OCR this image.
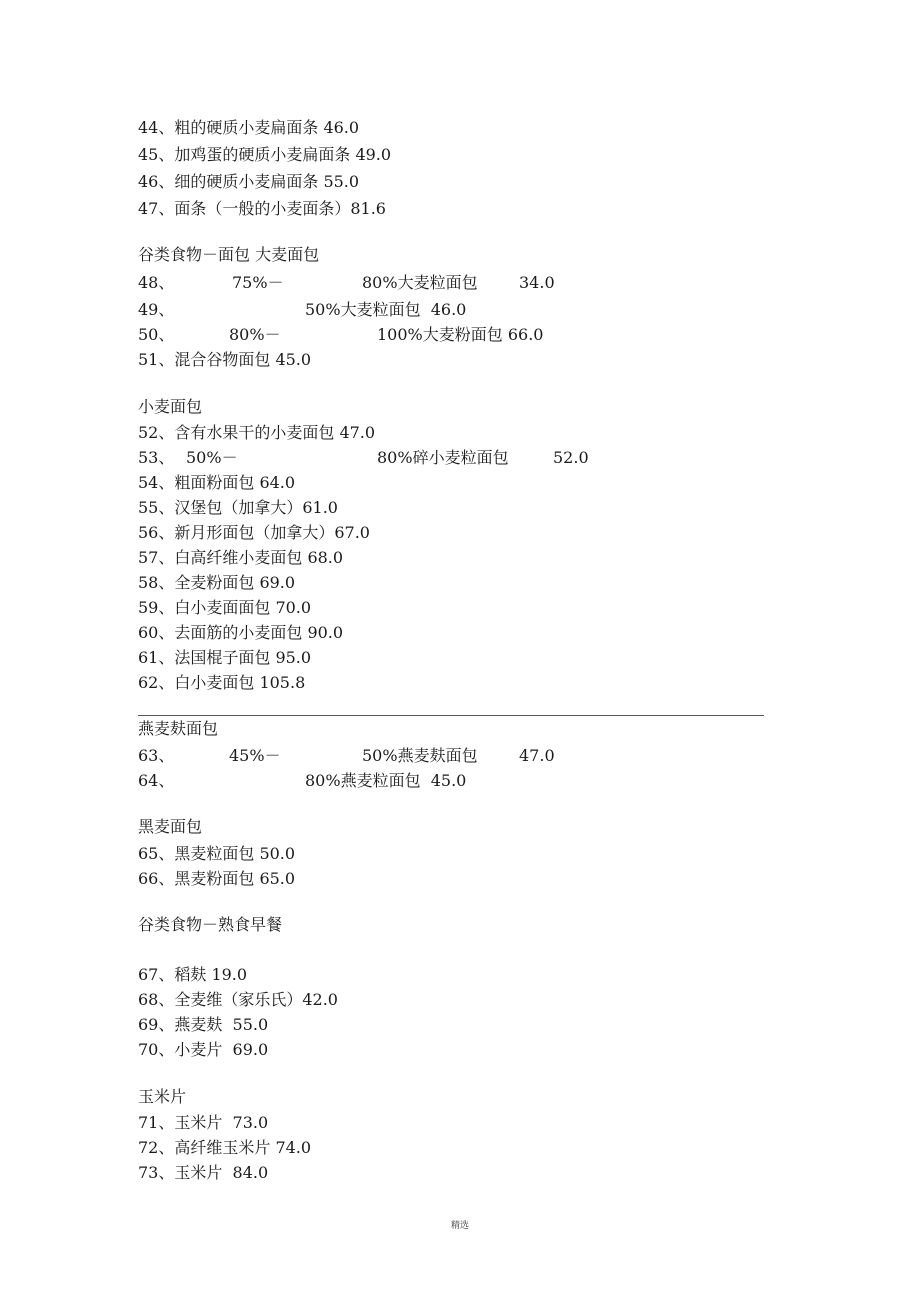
44、粗的硬质小麦扁面条 46.0
45、加鸡蛋的硬质小麦扁面条 49.0
46、细的硬质小麦扁面条 55.0
47、面条（一般的小麦面条）81.6
谷类食物－面包 大麦面包
48、	75%－	80%大麦粒面包	34.0
49、	50%大麦粒面包  46.0
50、	80%－	100%大麦粉面包 66.0
51、混合谷物面包 45.0
小麦面包
52、含有水果干的小麦面包 47.0
53、 50%－	80%碎小麦粒面包	52.0
54、粗面粉面包 64.0
55、汉堡包（加拿大）61.0
56、新月形面包（加拿大）67.0
57、白高纤维小麦面包 68.0
58、全麦粉面包 69.0
59、白小麦面面包 70.0
60、去面筋的小麦面包 90.0
61、法国棍子面包 95.0
62、白小麦面包 105.8
燕麦麸面包
63、	45%－	50%燕麦麸面包	47.0
64、	80%燕麦粒面包  45.0
黑麦面包
65、黑麦粒面包 50.0
66、黑麦粉面包 65.0
谷类食物－熟食早餐
67、稻麸 19.0
68、全麦维（家乐氏）42.0
69、燕麦麸  55.0
70、小麦片  69.0
玉米片
71、玉米片  73.0
72、高纤维玉米片 74.0
73、玉米片  84.0
精选
